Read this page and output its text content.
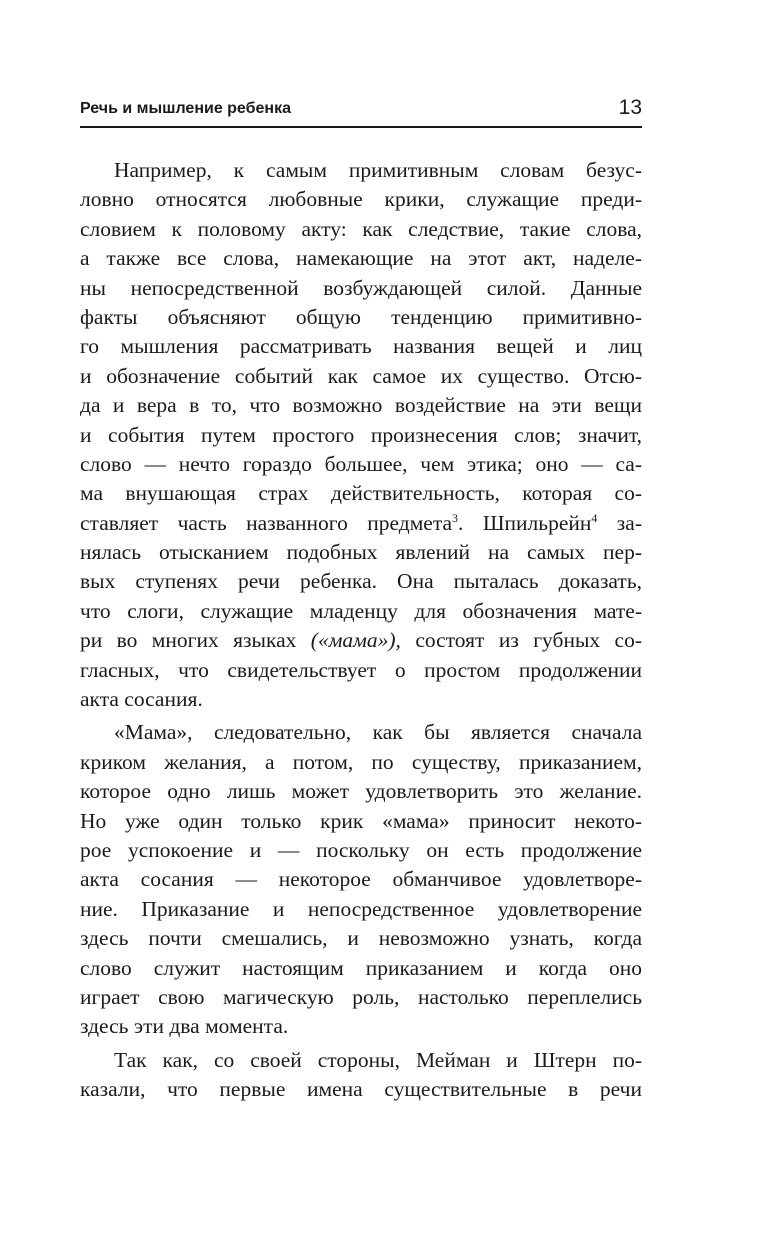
Речь и мышление ребенка	13
Например, к самым примитивным словам безус-
ловно относятся любовные крики, служащие преди-
словием к половому акту: как следствие, такие слова,
а также все слова, намекающие на этот акт, наделе-
ны непосредственной возбуждающей силой. Данные
факты объясняют общую тенденцию примитивно-
го мышления рассматривать названия вещей и лиц
и обозначение событий как самое их существо. Отсю-
да и вера в то, что возможно воздействие на эти вещи
и события путем простого произнесения слов; значит,
слово — нечто гораздо большее, чем этика; оно — са-
ма внушающая страх действительность, которая со-
ставляет часть названного предмета$^3$. Шпильрейн$^4$ за-
нялась отысканием подобных явлений на самых пер-
вых ступенях речи ребенка. Она пыталась доказать,
что слоги, служащие младенцу для обозначения мате-
ри во многих языках («мама»), состоят из губных со-
гласных, что свидетельствует о простом продолжении
акта сосания.
«Мама», следовательно, как бы является сначала
криком желания, а потом, по существу, приказанием,
которое одно лишь может удовлетворить это желание.
Но уже один только крик «мама» приносит некото-
рое успокоение и — поскольку он есть продолжение
акта сосания — некоторое обманчивое удовлетворе-
ние. Приказание и непосредственное удовлетворение
здесь почти смешались, и невозможно узнать, когда
слово служит настоящим приказанием и когда оно
играет свою магическую роль, настолько переплелись
здесь эти два момента.
Так как, со своей стороны, Мейман и Штерн по-
казали, что первые имена существительные в речи
